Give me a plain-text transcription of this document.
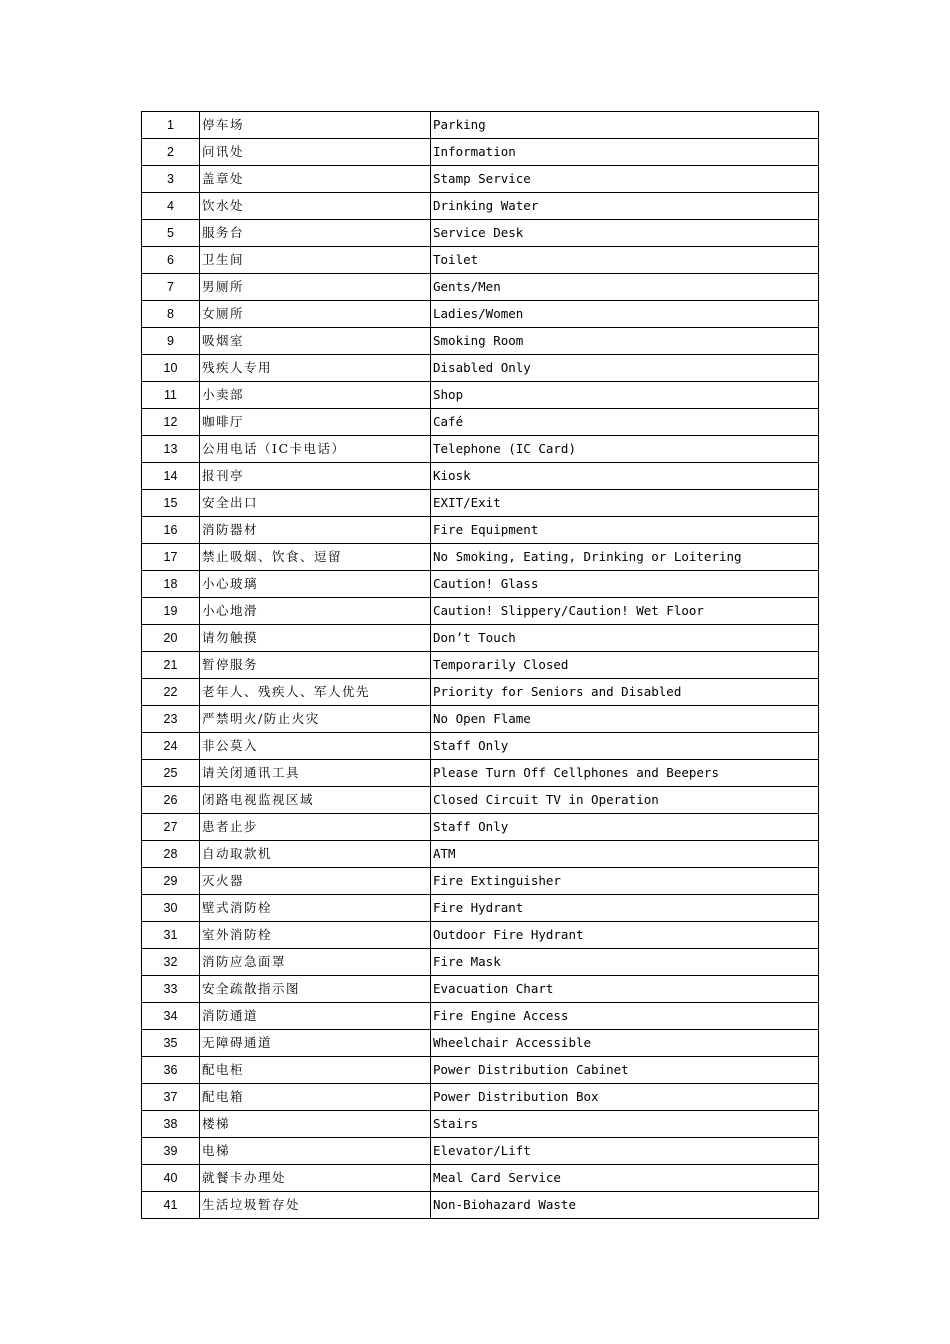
1	停车场	Parking
2	问讯处	Information
3	盖章处	Stamp Service
4	饮水处	Drinking Water
5	服务台	Service Desk
6	卫生间	Toilet
7	男厕所	Gents/Men
8	女厕所	Ladies/Women
9	吸烟室	Smoking Room
10	残疾人专用	Disabled Only
11	小卖部	Shop
12	咖啡厅	Café
13	公用电话（IC卡电话）	Telephone (IC Card)
14	报刊亭	Kiosk
15	安全出口	EXIT/Exit
16	消防器材	Fire Equipment
17	禁止吸烟、饮食、逗留	No Smoking, Eating, Drinking or Loitering
18	小心玻璃	Caution! Glass
19	小心地滑	Caution! Slippery/Caution! Wet Floor
20	请勿触摸	Don’t Touch
21	暂停服务	Temporarily Closed
22	老年人、残疾人、军人优先	Priority for Seniors and Disabled
23	严禁明火/防止火灾	No Open Flame
24	非公莫入	Staff Only
25	请关闭通讯工具	Please Turn Off Cellphones and Beepers
26	闭路电视监视区域	Closed Circuit TV in Operation
27	患者止步	Staff Only
28	自动取款机	ATM
29	灭火器	Fire Extinguisher
30	壁式消防栓	Fire Hydrant
31	室外消防栓	Outdoor Fire Hydrant
32	消防应急面罩	Fire Mask
33	安全疏散指示图	Evacuation Chart
34	消防通道	Fire Engine Access
35	无障碍通道	Wheelchair Accessible
36	配电柜	Power Distribution Cabinet
37	配电箱	Power Distribution Box
38	楼梯	Stairs
39	电梯	Elevator/Lift
40	就餐卡办理处	Meal Card Service
41	生活垃圾暂存处	Non-Biohazard Waste
